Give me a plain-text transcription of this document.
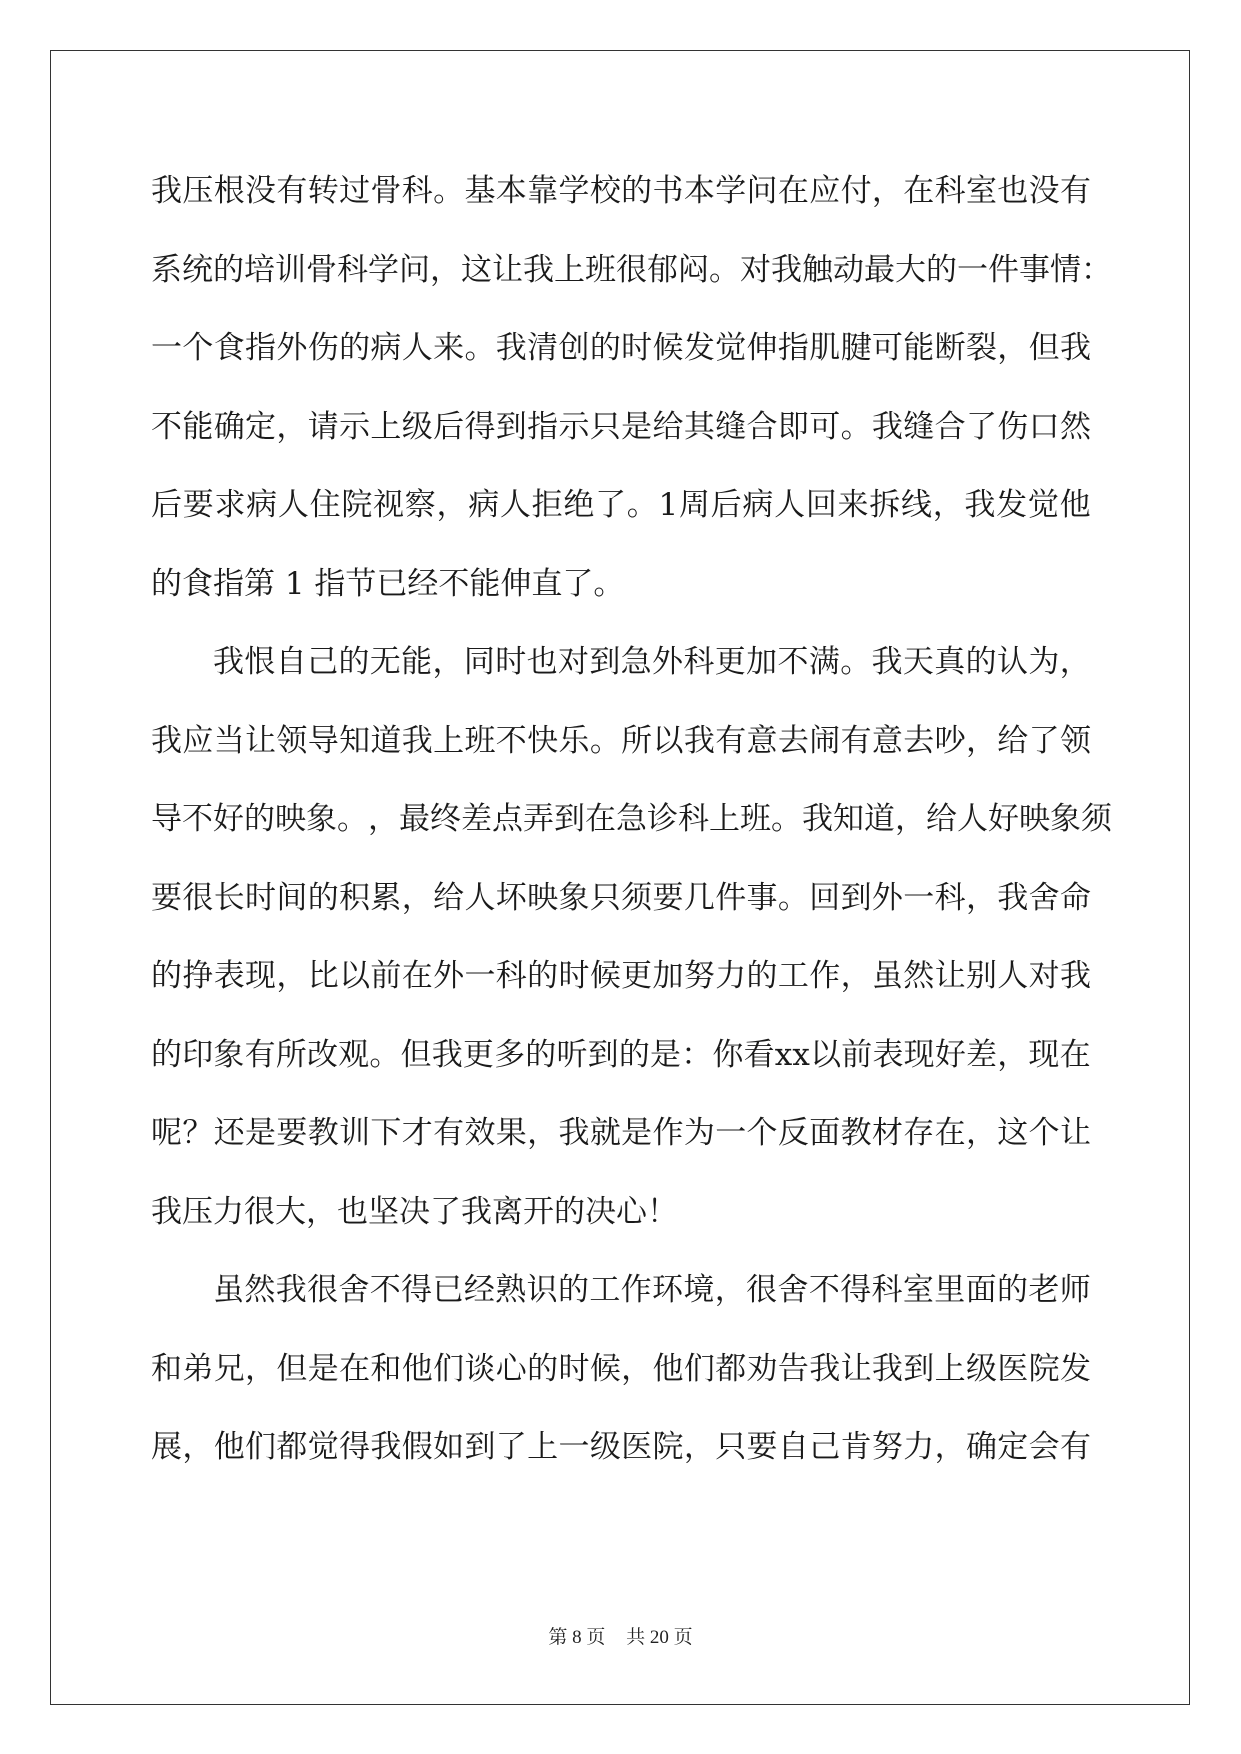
我 压 根 没 有 转 过 骨 科 。 基 本 靠 学 校 的 书 本 学 问 在 应 付 ， 在 科 室 也 没 有
系 统 的 培 训 骨 科 学 问 ， 这 让 我 上 班 很 郁 闷 。 对 我 触 动 最 大 的 一 件 事 情 ：
一 个 食 指 外 伤 的 病 人 来 。 我 清 创 的 时 候 发 觉 伸 指 肌 腱 可 能 断 裂 ， 但 我
不 能 确 定 ， 请 示 上 级 后 得 到 指 示 只 是 给 其 缝 合 即 可 。 我 缝 合 了 伤 口 然
后 要 求 病 人 住 院 视 察 ， 病 人 拒 绝 了 。 1 周 后 病 人 回 来 拆 线 ， 我 发 觉 他
的食指第 1 指节已经不能伸直了。
我 恨 自 己 的 无 能 ， 同 时 也 对 到 急 外 科 更 加 不 满 。 我 天 真 的 认 为 ，
我 应 当 让 领 导 知 道 我 上 班 不 快 乐 。 所 以 我 有 意 去 闹 有 意 去 吵 ， 给 了 领
导 不 好 的 映 象 。 ， 最 终 差 点 弄 到 在 急 诊 科 上 班 。 我 知 道 ， 给 人 好 映 象 须
要 很 长 时 间 的 积 累 ， 给 人 坏 映 象 只 须 要 几 件 事 。 回 到 外 一 科 ， 我 舍 命
的 挣 表 现 ， 比 以 前 在 外 一 科 的 时 候 更 加 努 力 的 工 作 ， 虽 然 让 别 人 对 我
的 印 象 有 所 改 观 。 但 我 更 多 的 听 到 的 是 ： 你 看 x x 以 前 表 现 好 差 ， 现 在
呢 ？ 还 是 要 教 训 下 才 有 效 果 ， 我 就 是 作 为 一 个 反 面 教 材 存 在 ， 这 个 让
我压力很大，也坚决了我离开的决心！
虽 然 我 很 舍 不 得 已 经 熟 识 的 工 作 环 境 ， 很 舍 不 得 科 室 里 面 的 老 师
和 弟 兄 ， 但 是 在 和 他 们 谈 心 的 时 候 ， 他 们 都 劝 告 我 让 我 到 上 级 医 院 发
展 ， 他 们 都 觉 得 我 假 如 到 了 上 一 级 医 院 ， 只 要 自 己 肯 努 力 ， 确 定 会 有
第 8 页 共 20 页
